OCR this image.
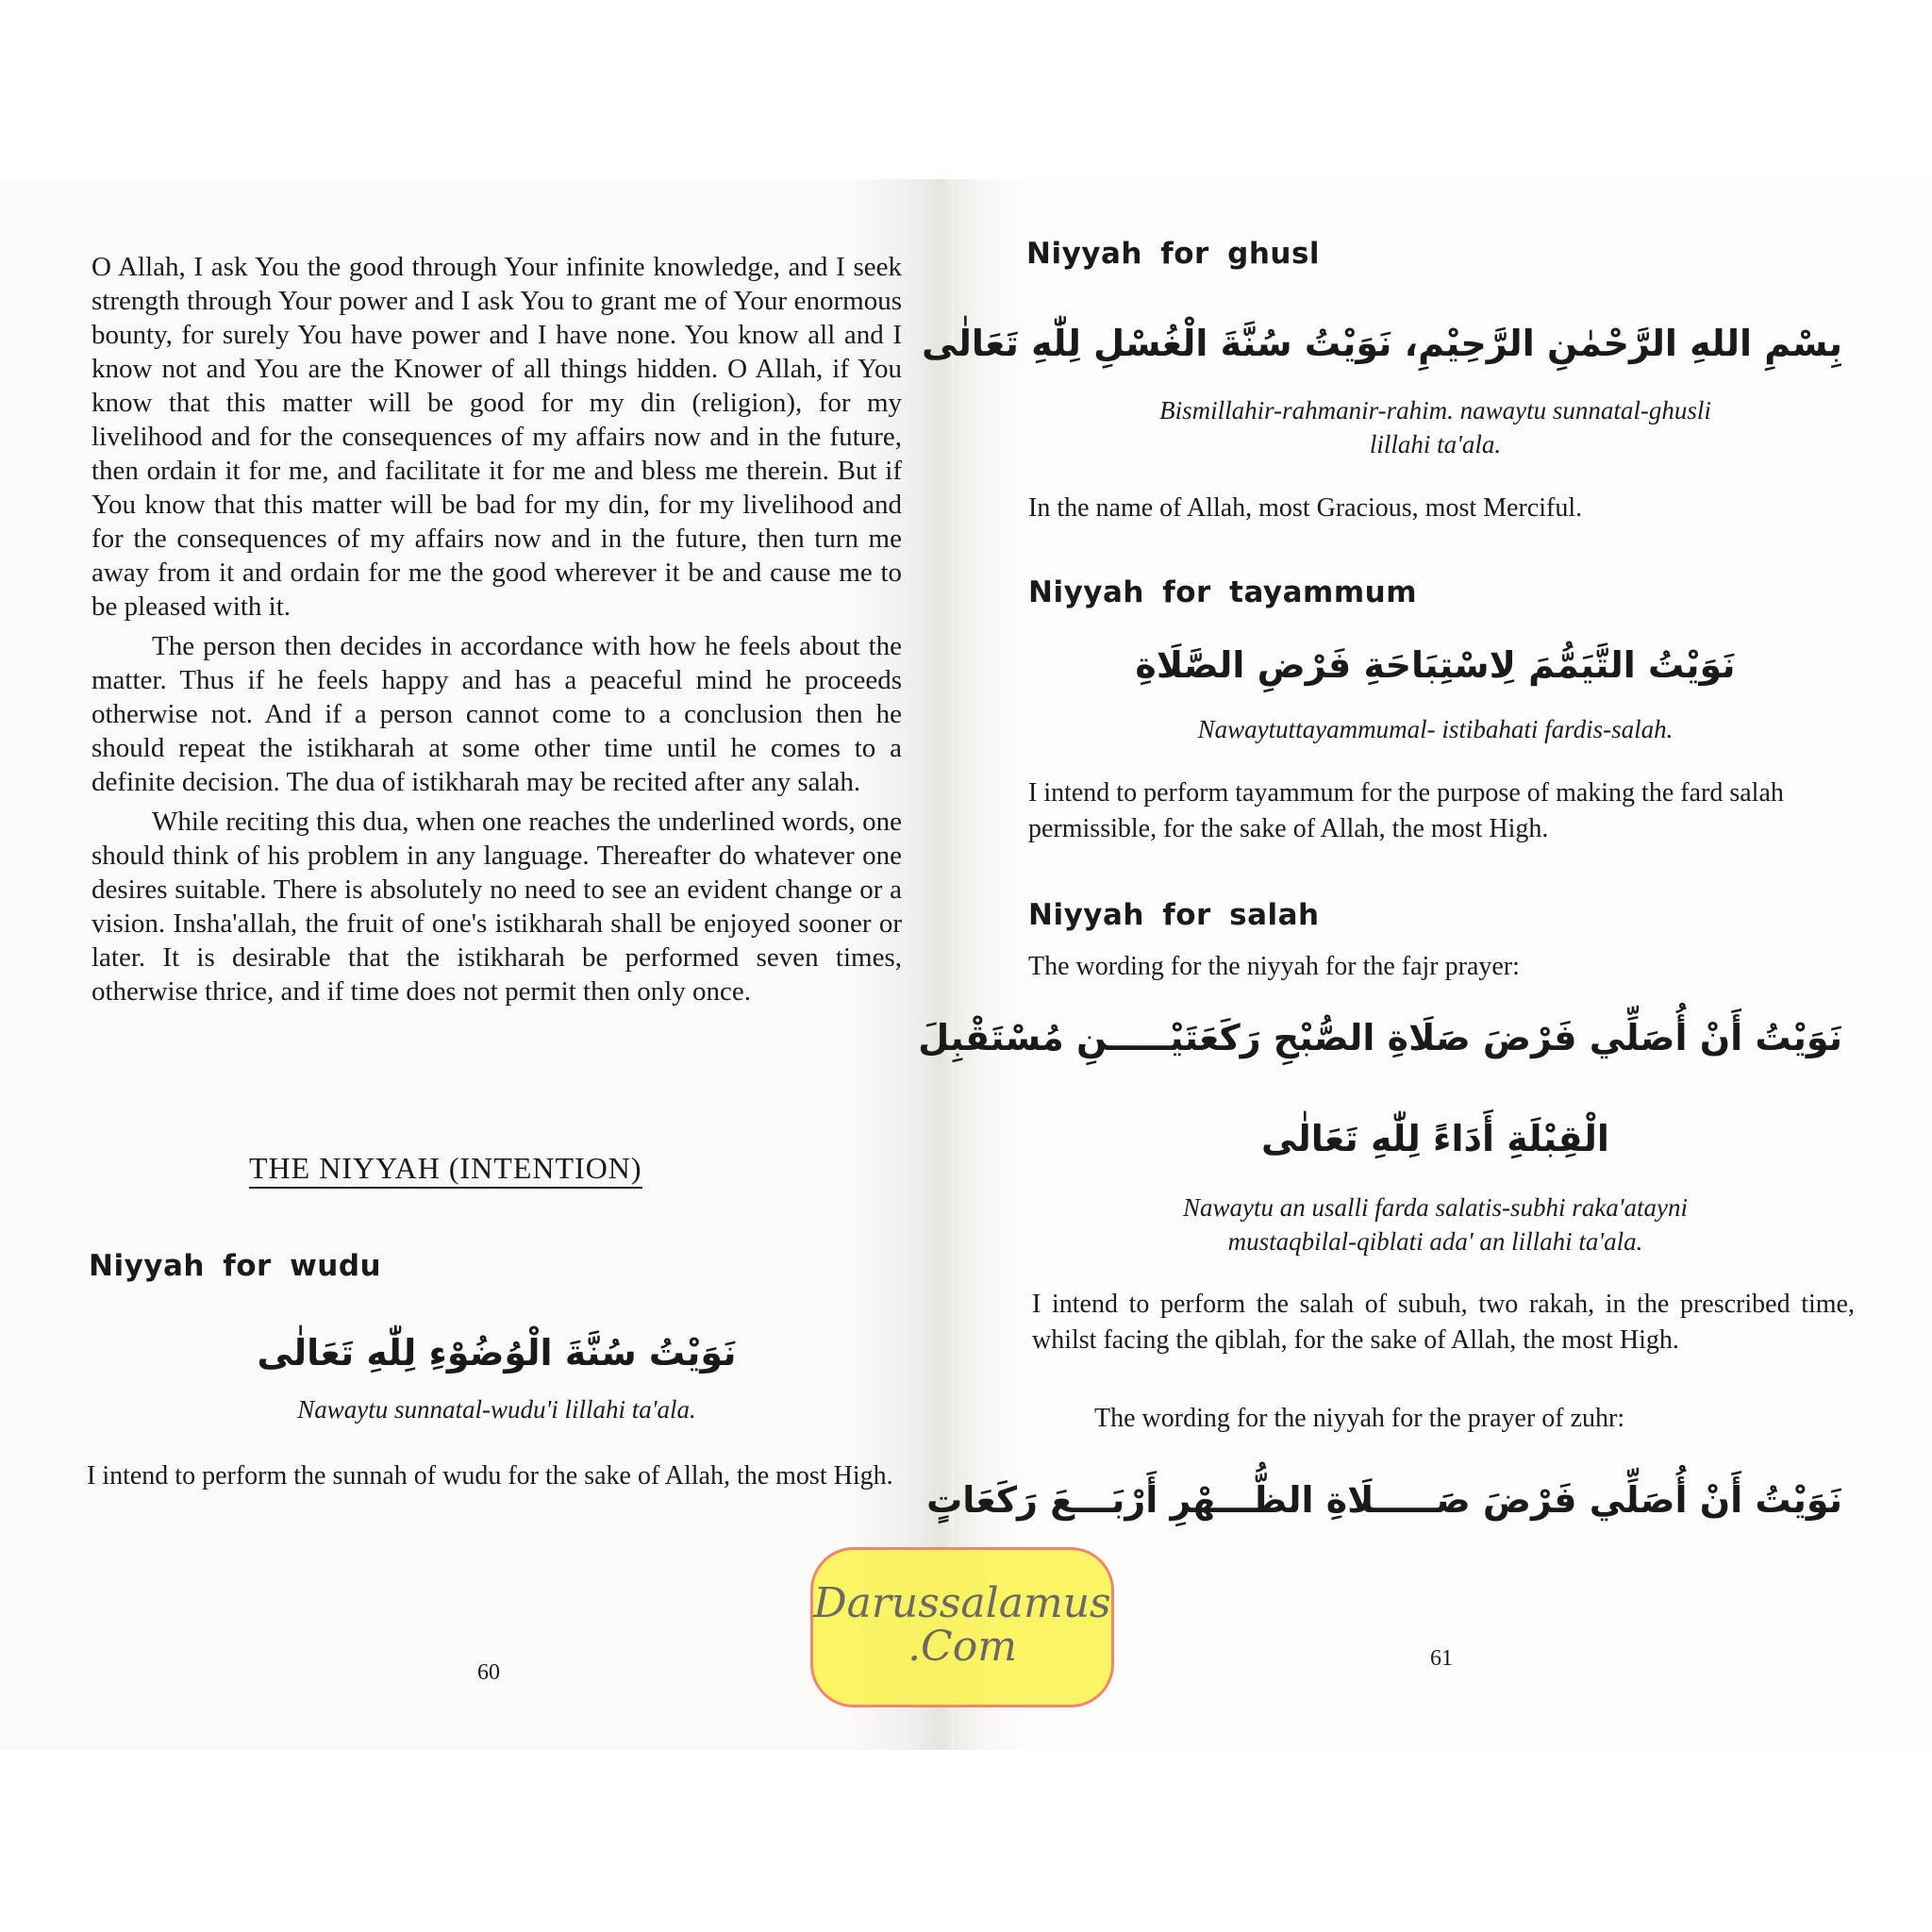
O Allah, I ask You the good through Your infinite knowledge, and I seek strength through Your power and I ask You to grant me of Your enormous bounty, for surely You have power and I have none. You know all and I know not and You are the Knower of all things hidden. O Allah, if You know that this matter will be good for my din (religion), for my livelihood and for the consequences of my affairs now and in the future, then ordain it for me, and facilitate it for me and bless me therein. But if You know that this matter will be bad for my din, for my livelihood and for the consequences of my affairs now and in the future, then turn me away from it and ordain for me the good wherever it be and cause me to be pleased with it.

The person then decides in accordance with how he feels about the matter. Thus if he feels happy and has a peaceful mind he proceeds otherwise not. And if a person cannot come to a conclusion then he should repeat the istikharah at some other time until he comes to a definite decision. The dua of istikharah may be recited after any salah.

While reciting this dua, when one reaches the underlined words, one should think of his problem in any language. Thereafter do whatever one desires suitable. There is absolutely no need to see an evident change or a vision. Insha'allah, the fruit of one's istikharah shall be enjoyed sooner or later. It is desirable that the istikharah be performed seven times, otherwise thrice, and if time does not permit then only once.

THE NIYYAH (INTENTION)
Niyyah for wudu
نَوَيْتُ سُنَّةَ الْوُضُوْءِ لِلّٰهِ تَعَالٰى
Nawaytu sunnatal-wudu'i lillahi ta'ala.
I intend to perform the sunnah of wudu for the sake of Allah, the most High.
60
Niyyah for ghusl
بِسْمِ اللهِ الرَّحْمٰنِ الرَّحِيْمِ، نَوَيْتُ سُنَّةَ الْغُسْلِ لِلّٰهِ تَعَالٰى
Bismillahir-rahmanir-rahim. nawaytu sunnatal-ghusli
lillahi ta'ala.
In the name of Allah, most Gracious, most Merciful.
Niyyah for tayammum
نَوَيْتُ التَّيَمُّمَ لِاسْتِبَاحَةِ فَرْضِ الصَّلَاةِ
Nawaytuttayammumal- istibahati fardis-salah.
I intend to perform tayammum for the purpose of making the fard salah permissible, for the sake of Allah, the most High.
Niyyah for salah
The wording for the niyyah for the fajr prayer:
نَوَيْتُ أَنْ أُصَلِّي فَرْضَ صَلَاةِ الصُّبْحِ رَكَعَتَيْـــــنِ مُسْتَقْبِلَ
الْقِبْلَةِ أَدَاءً لِلّٰهِ تَعَالٰى
Nawaytu an usalli farda salatis-subhi raka'atayni
mustaqbilal-qiblati ada' an lillahi ta'ala.
I intend to perform the salah of subuh, two rakah, in the prescribed time, whilst facing the qiblah, for the sake of Allah, the most High.
The wording for the niyyah for the prayer of zuhr:
نَوَيْتُ أَنْ أُصَلِّي فَرْضَ صَـــــلَاةِ الظُّـــهْرِ أَرْبَـــعَ رَكَعَاتٍ
61
Darussalamus
.Com
